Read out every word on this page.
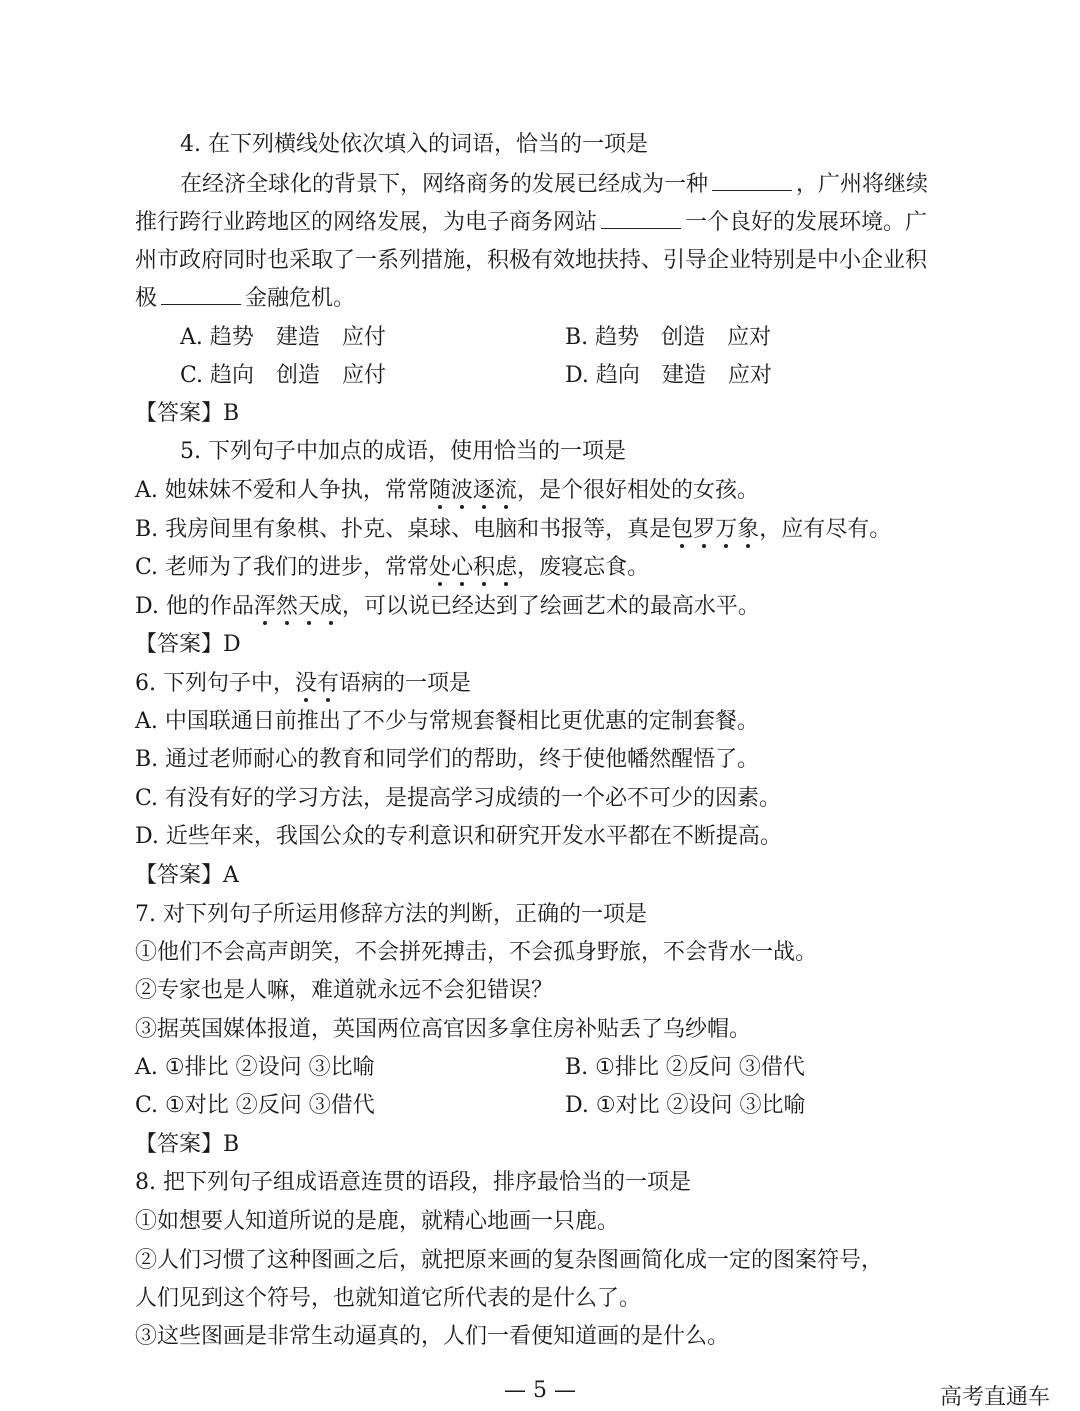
4. 在下列横线处依次填入的词语，恰当的一项是
在经济全球化的背景下，网络商务的发展已经成为一种	，广州将继续
推行跨行业跨地区的网络发展，为电子商务网站	一个良好的发展环境。广
州市政府同时也采取了一系列措施，积极有效地扶持、引导企业特别是中小企业积
极	金融危机。
A. 趋势　建造　应付	B. 趋势　创造　应对
C. 趋向　创造　应付	D. 趋向　建造　应对
【答案】B
5. 下列句子中加点的成语，使用恰当的一项是
A. 她妹妹不爱和人争执，常常随波逐流，是个很好相处的女孩。
B. 我房间里有象棋、扑克、桌球、电脑和书报等，真是包罗万象，应有尽有。
C. 老师为了我们的进步，常常处心积虑，废寝忘食。
D. 他的作品浑然天成，可以说已经达到了绘画艺术的最高水平。
【答案】D
6. 下列句子中，没有语病的一项是
A. 中国联通日前推出了不少与常规套餐相比更优惠的定制套餐。
B. 通过老师耐心的教育和同学们的帮助，终于使他幡然醒悟了。
C. 有没有好的学习方法，是提高学习成绩的一个必不可少的因素。
D. 近些年来，我国公众的专利意识和研究开发水平都在不断提高。
【答案】A
7. 对下列句子所运用修辞方法的判断，正确的一项是
①他们不会高声朗笑，不会拼死搏击，不会孤身野旅，不会背水一战。
②专家也是人嘛，难道就永远不会犯错误？
③据英国媒体报道，英国两位高官因多拿住房补贴丢了乌纱帽。
A. ①排比 ②设问 ③比喻	B. ①排比 ②反问 ③借代
C. ①对比 ②反问 ③借代	D. ①对比 ②设问 ③比喻
【答案】B
8. 把下列句子组成语意连贯的语段，排序最恰当的一项是
①如想要人知道所说的是鹿，就精心地画一只鹿。
②人们习惯了这种图画之后，就把原来画的复杂图画简化成一定的图案符号，
人们见到这个符号，也就知道它所代表的是什么了。
③这些图画是非常生动逼真的，人们一看便知道画的是什么。
— 5 —	高考直通车
